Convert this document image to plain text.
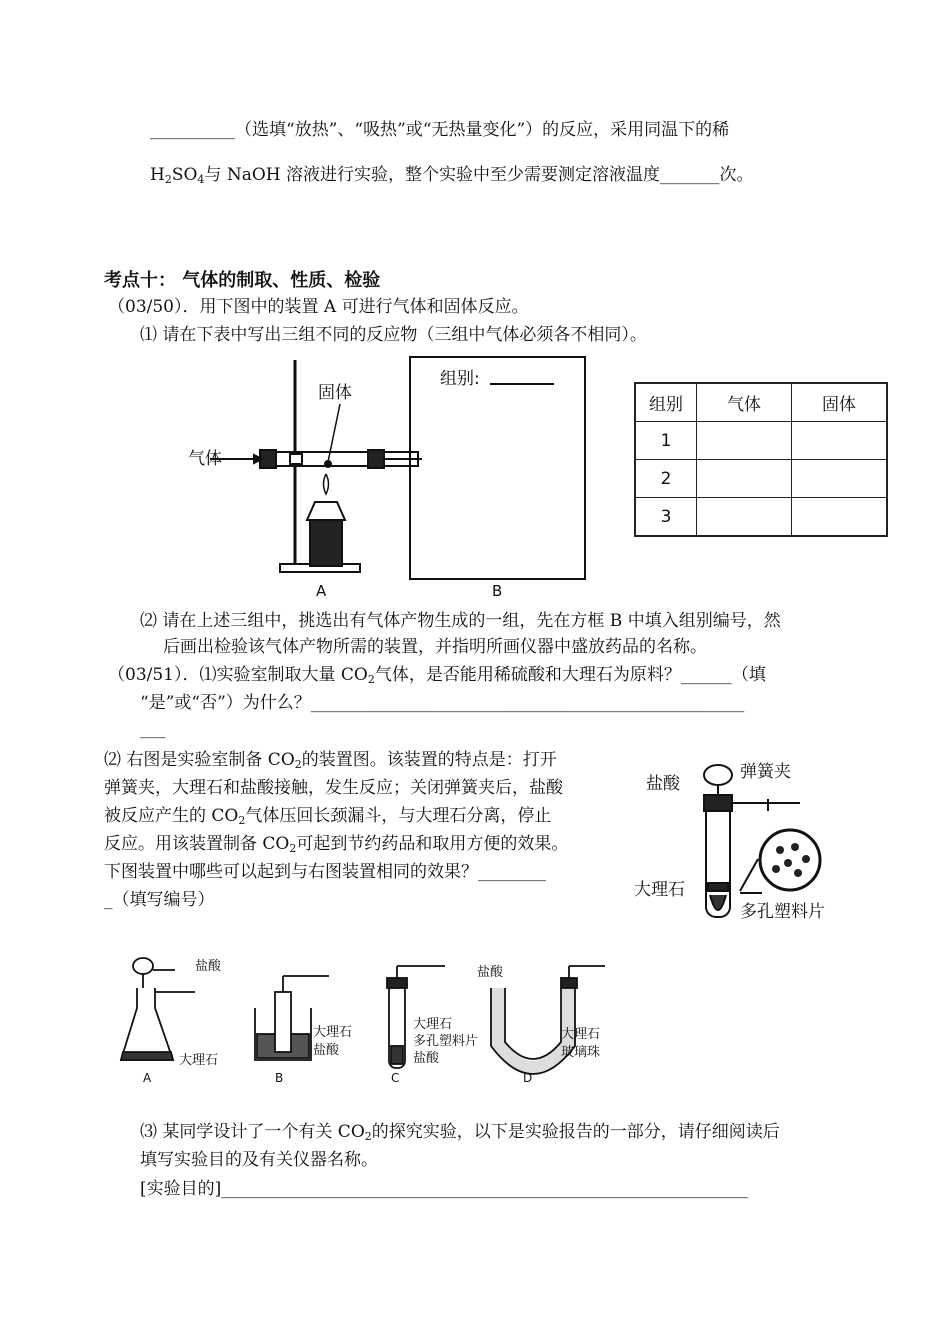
__________（选填“放热”、“吸热”或“无热量变化”）的反应，采用同温下的稀
$H_2SO_4$与 NaOH 溶液进行实验，整个实验中至少需要测定溶液温度_______次。
考点十： 气体的制取、性质、检验
（03/50）．用下图中的装置 A 可进行气体和固体反应。
⑴ 请在下表中写出三组不同的反应物（三组中气体必须各不相同）。
气体
固体
A
组别:
B
组别	气体	固体
1		
2		
3		
⑵ 请在上述三组中，挑选出有气体产物生成的一组，先在方框 B 中填入组别编号，然
后画出检验该气体产物所需的装置，并指明所画仪器中盛放药品的名称。
（03/51）．⑴实验室制取大量 $CO_2$气体，是否能用稀硫酸和大理石为原料？______（填
“是”或“否”）为什么？___________________________________________________
___
⑵ 右图是实验室制备 $CO_2$的装置图。该装置的特点是：打开
弹簧夹，大理石和盐酸接触，发生反应；关闭弹簧夹后，盐酸
被反应产生的 $CO_2$气体压回长颈漏斗，与大理石分离，停止
反应。用该装置制备 $CO_2$可起到节约药品和取用方便的效果。
下图装置中哪些可以起到与右图装置相同的效果？________
_（填写编号）
盐酸
弹簧夹
大理石
多孔塑料片
盐酸
大理石
A
大理石
盐酸
B
大理石
多孔塑料片
盐酸
C
盐酸
大理石
玻璃珠
D
⑶ 某同学设计了一个有关 $CO_2$的探究实验，以下是实验报告的一部分，请仔细阅读后
填写实验目的及有关仪器名称。
[实验目的]______________________________________________________________
